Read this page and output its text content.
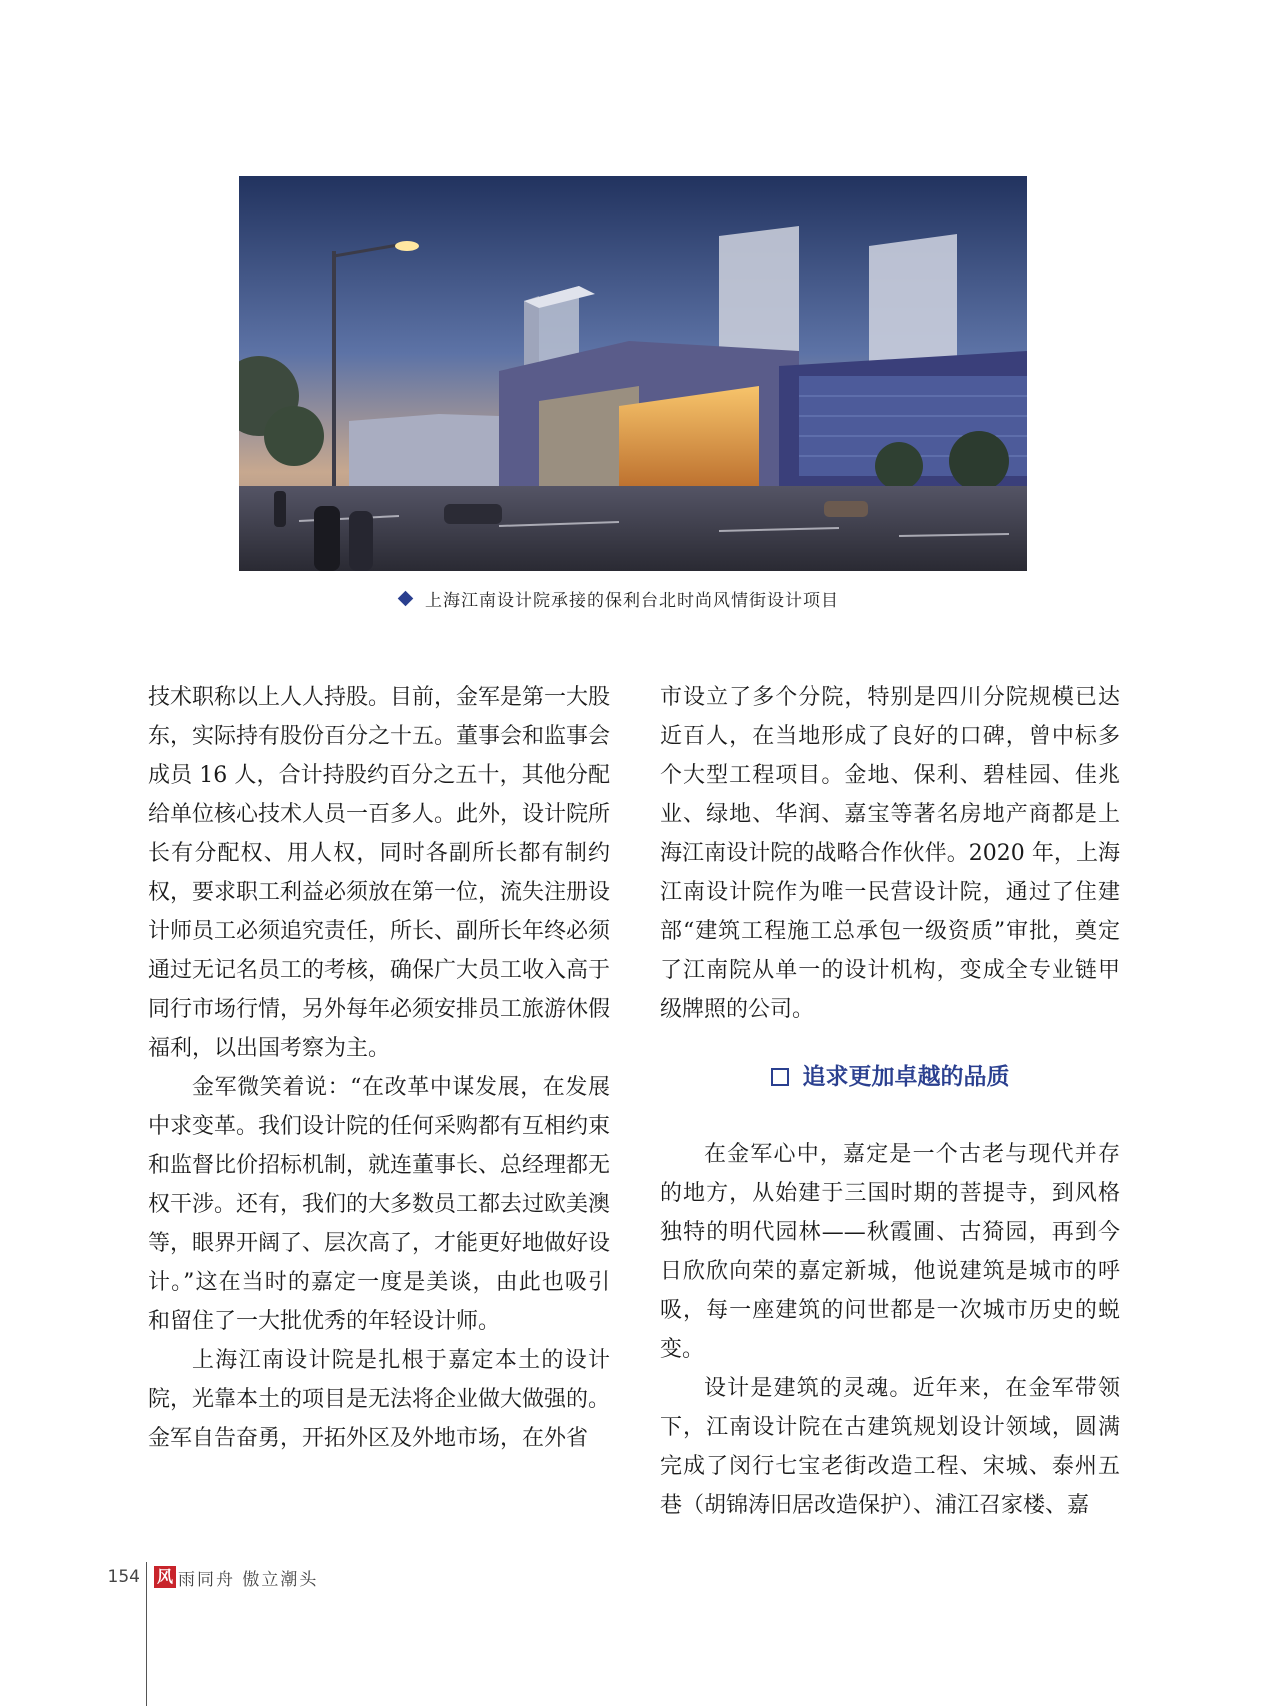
上海江南设计院承接的保利台北时尚风情街设计项目

技术职称以上人人持股。目前，金军是第一大股东，实际持有股份百分之十五。董事会和监事会成员 16 人，合计持股约百分之五十，其他分配给单位核心技术人员一百多人。此外，设计院所长有分配权、用人权，同时各副所长都有制约权，要求职工利益必须放在第一位，流失注册设计师员工必须追究责任，所长、副所长年终必须通过无记名员工的考核，确保广大员工收入高于同行市场行情，另外每年必须安排员工旅游休假福利，以出国考察为主。

金军微笑着说：“在改革中谋发展，在发展中求变革。我们设计院的任何采购都有互相约束和监督比价招标机制，就连董事长、总经理都无权干涉。还有，我们的大多数员工都去过欧美澳等，眼界开阔了、层次高了，才能更好地做好设计。”这在当时的嘉定一度是美谈，由此也吸引和留住了一大批优秀的年轻设计师。

上海江南设计院是扎根于嘉定本土的设计院，光靠本土的项目是无法将企业做大做强的。金军自告奋勇，开拓外区及外地市场，在外省

市设立了多个分院，特别是四川分院规模已达近百人，在当地形成了良好的口碑，曾中标多个大型工程项目。金地、保利、碧桂园、佳兆业、绿地、华润、嘉宝等著名房地产商都是上海江南设计院的战略合作伙伴。2020 年，上海江南设计院作为唯一民营设计院，通过了住建部“建筑工程施工总承包一级资质”审批，奠定了江南院从单一的设计机构，变成全专业链甲级牌照的公司。

追求更加卓越的品质

在金军心中，嘉定是一个古老与现代并存的地方，从始建于三国时期的菩提寺，到风格独特的明代园林——秋霞圃、古猗园，再到今日欣欣向荣的嘉定新城，他说建筑是城市的呼吸，每一座建筑的问世都是一次城市历史的蜕变。

设计是建筑的灵魂。近年来，在金军带领下，江南设计院在古建筑规划设计领域，圆满完成了闵行七宝老街改造工程、宋城、泰州五巷（胡锦涛旧居改造保护）、浦江召家楼、嘉

154 风 雨同舟 傲立潮头
